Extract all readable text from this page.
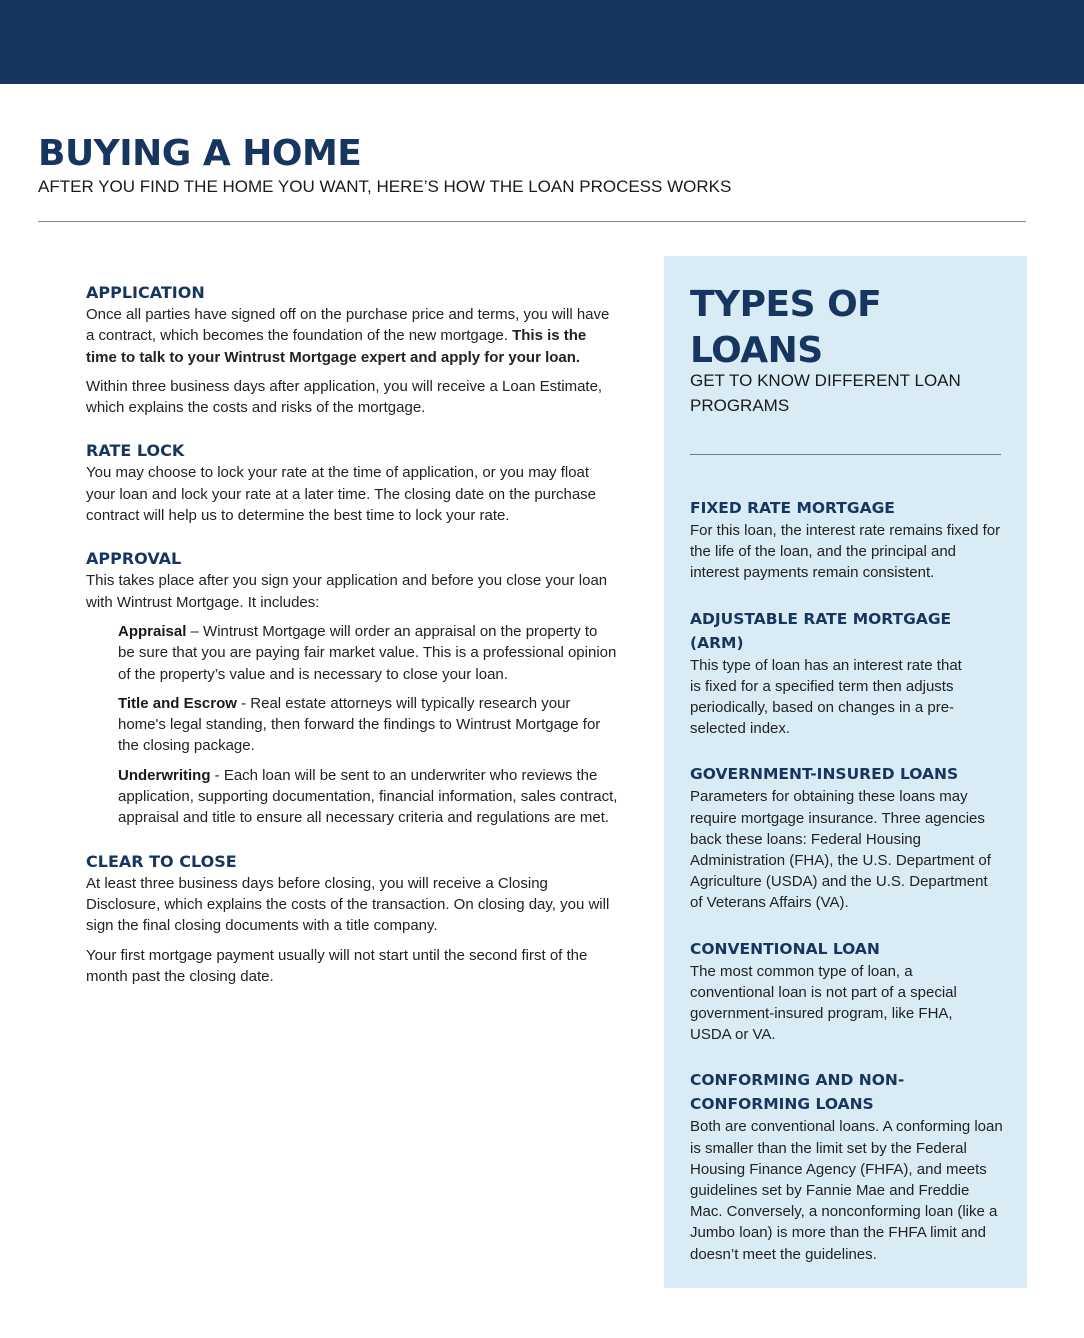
BUYING A HOME

AFTER YOU FIND THE HOME YOU WANT, HERE’S HOW THE LOAN PROCESS WORKS

APPLICATION

Once all parties have signed off on the purchase price and terms, you will have a contract, which becomes the foundation of the new mortgage. This is the time to talk to your Wintrust Mortgage expert and apply for your loan.

Within three business days after application, you will receive a Loan Estimate, which explains the costs and risks of the mortgage.

RATE LOCK

You may choose to lock your rate at the time of application, or you may float your loan and lock your rate at a later time. The closing date on the purchase contract will help us to determine the best time to lock your rate.

APPROVAL

This takes place after you sign your application and before you close your loan with Wintrust Mortgage. It includes:

Appraisal – Wintrust Mortgage will order an appraisal on the property to be sure that you are paying fair market value. This is a professional opinion of the property’s value and is necessary to close your loan.

Title and Escrow - Real estate attorneys will typically research your home's legal standing, then forward the findings to Wintrust Mortgage for the closing package.

Underwriting - Each loan will be sent to an underwriter who reviews the application, supporting documentation, financial information, sales contract, appraisal and title to ensure all necessary criteria and regulations are met.

CLEAR TO CLOSE

At least three business days before closing, you will receive a Closing Disclosure, which explains the costs of the transaction. On closing day, you will sign the final closing documents with a title company.

Your first mortgage payment usually will not start until the second first of the month past the closing date.

TYPES OF
LOANS

GET TO KNOW DIFFERENT LOAN PROGRAMS

FIXED RATE MORTGAGE

For this loan, the interest rate remains fixed for the life of the loan, and the principal and interest payments remain consistent.

ADJUSTABLE RATE MORTGAGE (ARM)

This type of loan has an interest rate that is fixed for a specified term then adjusts periodically, based on changes in a pre-selected index.

GOVERNMENT-INSURED LOANS

Parameters for obtaining these loans may require mortgage insurance. Three agencies back these loans: Federal Housing Administration (FHA), the U.S. Department of Agriculture (USDA) and the U.S. Department of Veterans Affairs (VA).

CONVENTIONAL LOAN

The most common type of loan, a conventional loan is not part of a special government-insured program, like FHA, USDA or VA.

CONFORMING AND NON-CONFORMING LOANS

Both are conventional loans. A conforming loan is smaller than the limit set by the Federal Housing Finance Agency (FHFA), and meets guidelines set by Fannie Mae and Freddie Mac. Conversely, a nonconforming loan (like a Jumbo loan) is more than the FHFA limit and doesn’t meet the guidelines.
